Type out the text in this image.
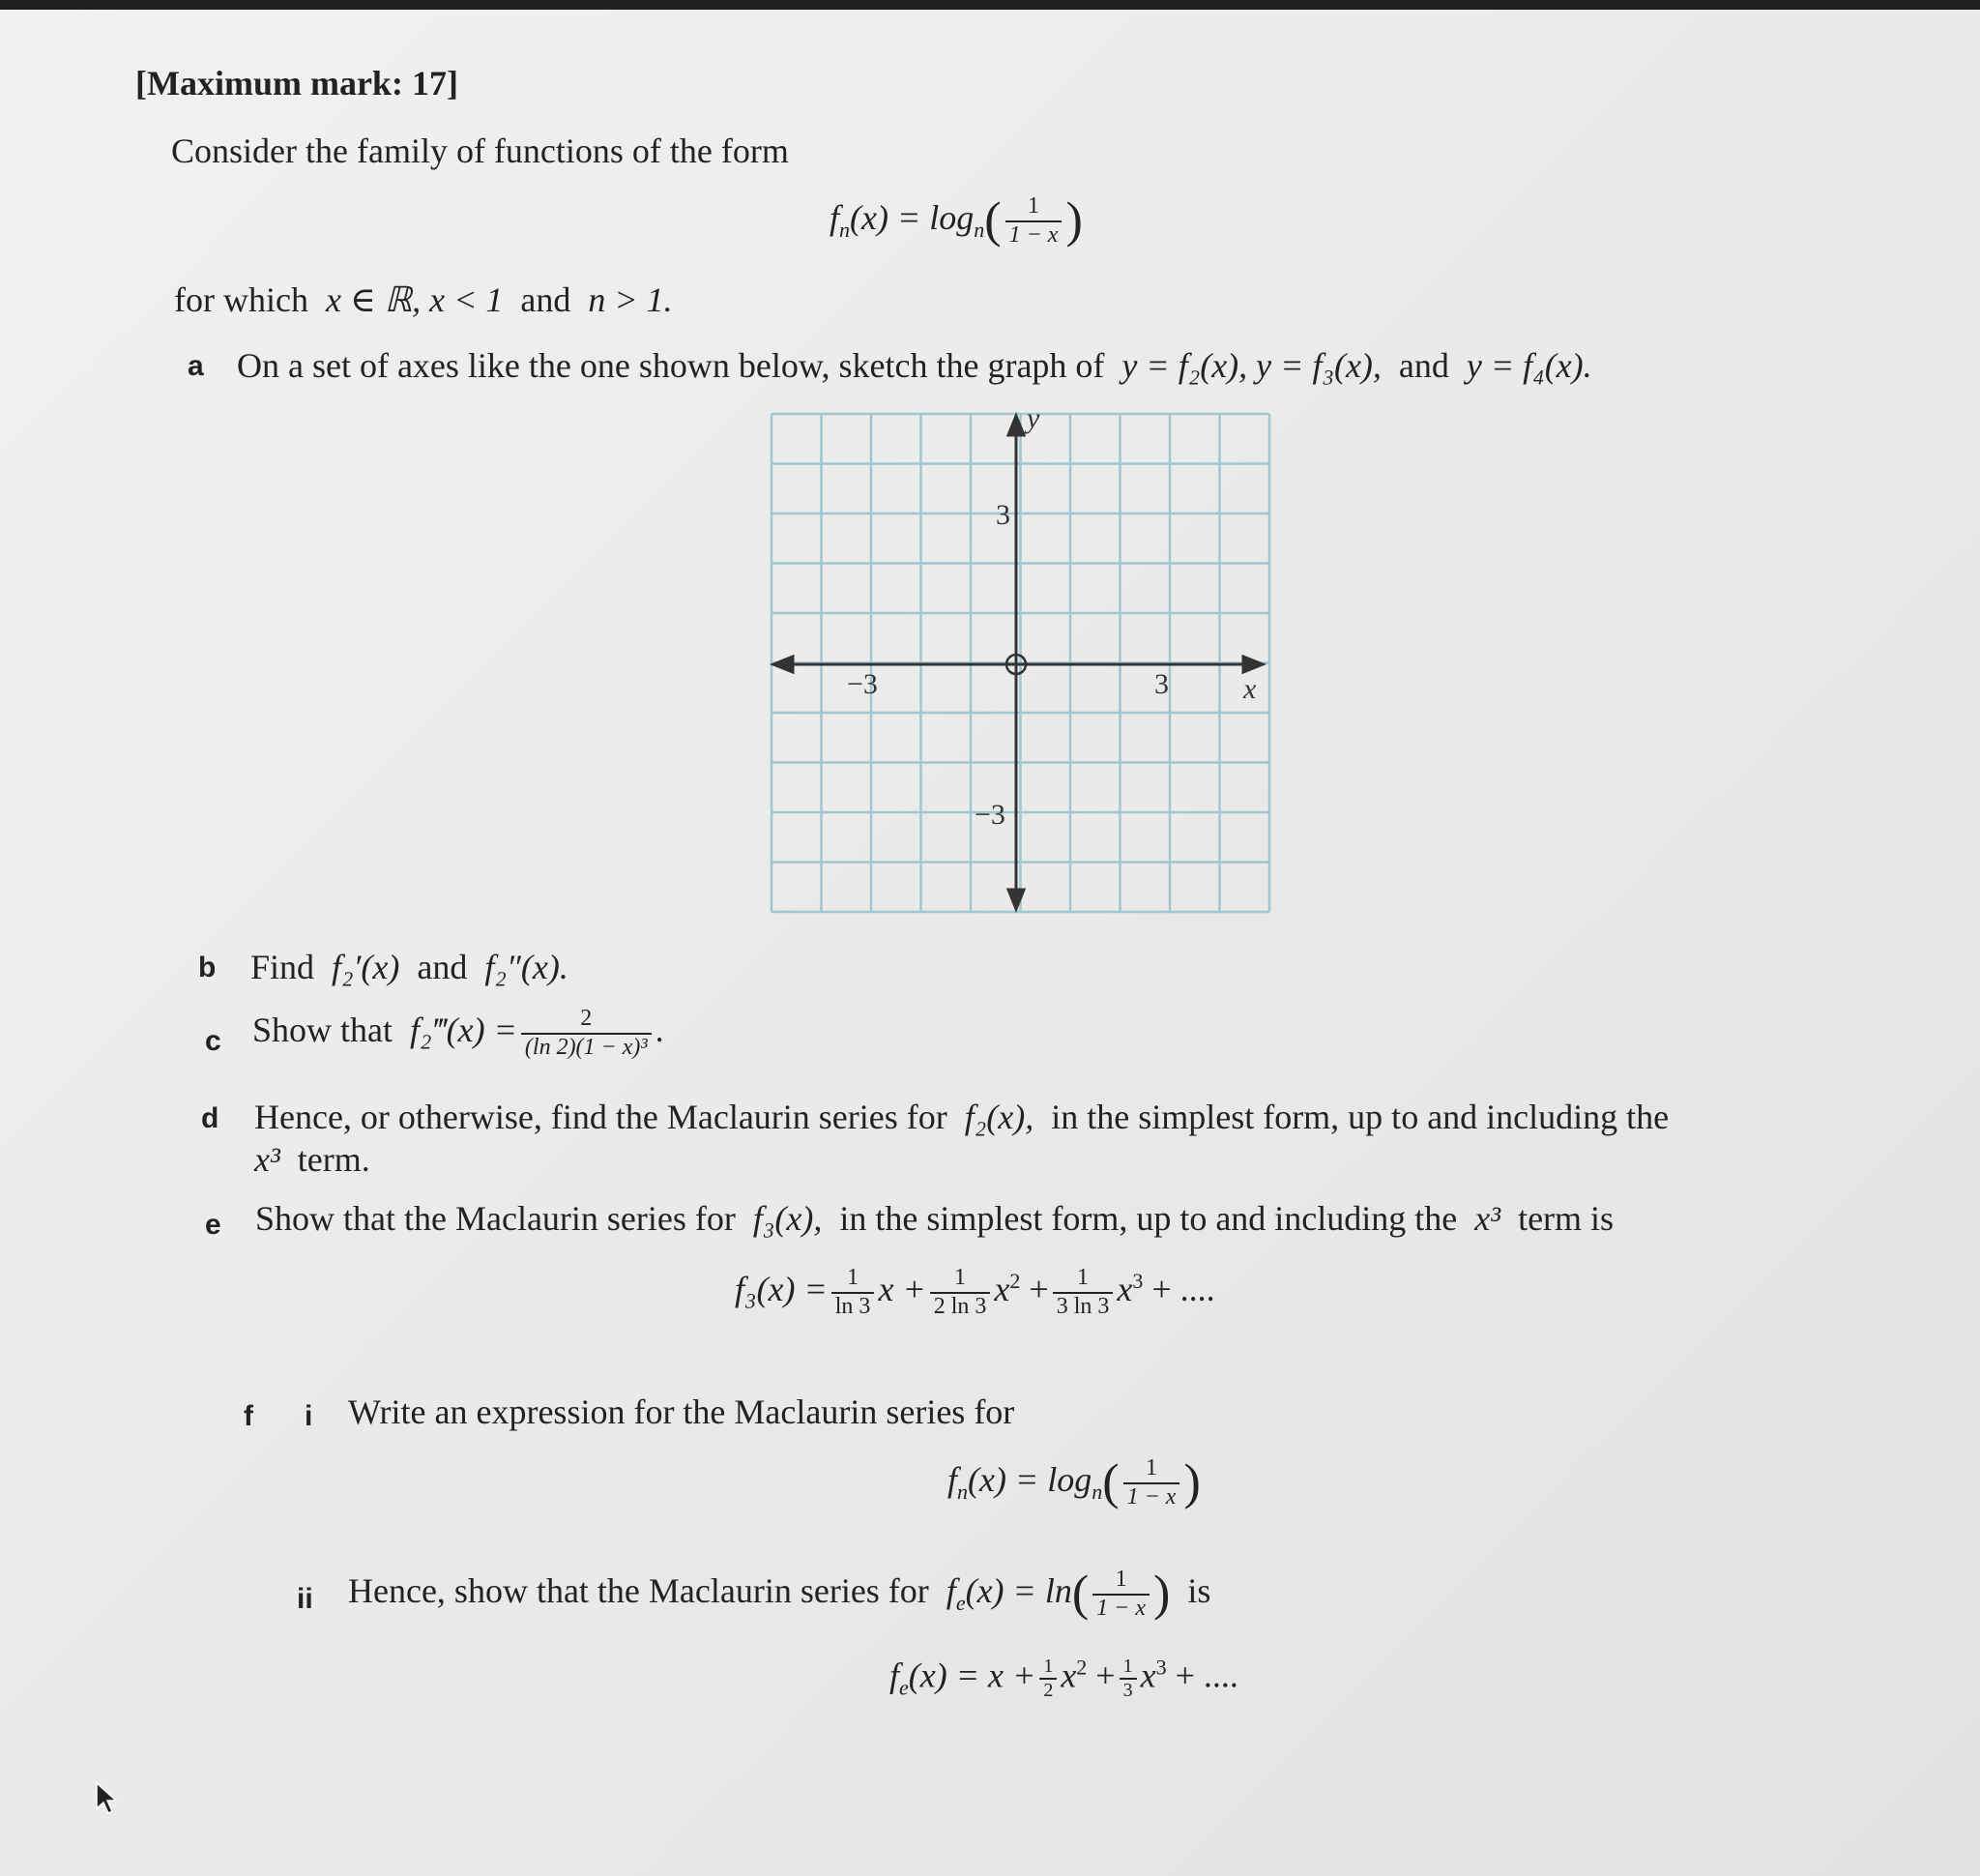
[Maximum mark: 17]
Consider the family of functions of the form
$f_n(x) = \log_n( \frac{1}{1 - x}$ )
for which x ∈ ℝ, x < 1 and n > 1.
a On a set of axes like the one shown below, sketch the graph of y = f₂(x), y = f₃(x), and y = f₄(x).
y
x
−3	3
3
−3
b Find f₂′(x) and f₂″(x).
c Show that f₂‴(x) = $\frac{2}{\text{(ln 2)(1 − x)³}}$ .
d Hence, or otherwise, find the Maclaurin series for f₂(x), in the simplest form, up to and including the
x³ term.
e Show that the Maclaurin series for f₃(x), in the simplest form, up to and including the x³ term is
$f_3(x) = \frac{1}{\ln 3}$ $x + \frac{1}{2 \ln 3} x^2 + \frac{1}{3 \ln 3} x^3$ + ....
f i Write an expression for the Maclaurin series for
$f_n(x) = \log_n( \frac{1}{1 - x}$ )
ii Hence, show that the Maclaurin series for $f_e(x) = \ln( \frac{1}{1 - x}$ ) is
$f_e(x) = x + \frac{1}{2} x^2 + \frac{1}{3} x^3$ + ....
